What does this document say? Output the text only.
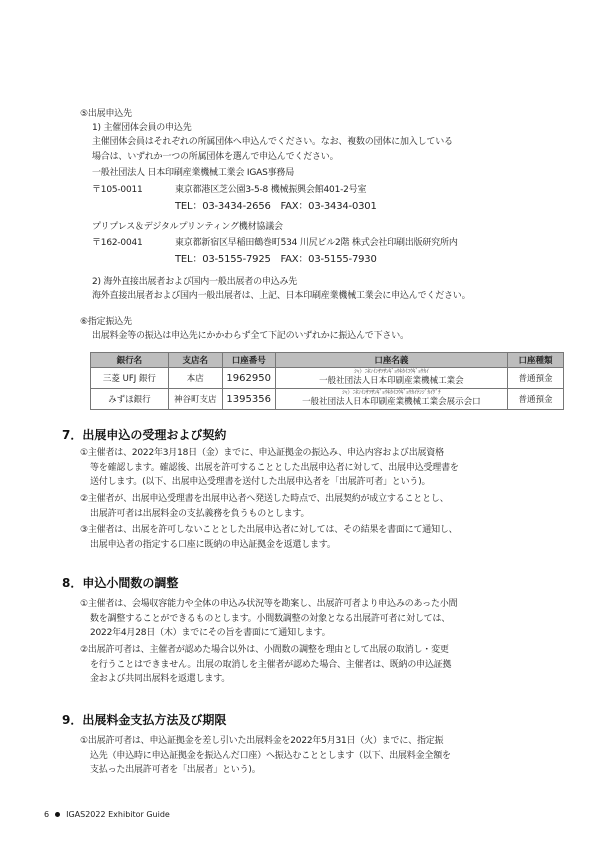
⑤出展申込先
1) 主催団体会員の申込先

主催団体会員はそれぞれの所属団体へ申込んでください。なお、複数の団体に加入している

場合は、いずれか一つの所属団体を選んで申込んでください。

一般社団法人 日本印刷産業機械工業会 IGAS事務局
〒105-0011	東京都港区芝公園3-5-8 機械振興会館401-2号室
TEL：03-3434-2656　FAX：03-3434-0301
プリプレス＆デジタルプリンティング機材協議会
〒162-0041	東京都新宿区早稲田鶴巻町534 川尻ビル2階 株式会社印刷出版研究所内
TEL：03-5155-7925　FAX：03-5155-7930
2) 海外直接出展者および国内一般出展者の申込み先
海外直接出展者および国内一般出展者は、上記、日本印刷産業機械工業会に申込んでください。
⑥指定振込先
出展料金等の振込は申込先にかかわらず全て下記のいずれかに振込んで下さい。
銀行名	支店名	口座番号	口座名義	口座種類
三菱 UFJ 銀行	本店	1962950	ｼｬ）ﾆﾎﾝｲﾝｻﾂｻﾝｷﾞｮｳｷｶｲｺｳｷﾞｮｳｶｲ
一般社団法人日本印刷産業機械工業会	普通預金
みずほ銀行	神谷町支店	1395356	ｼｬ）ﾆﾎﾝｲﾝｻﾂｻﾝｷﾞｮｳｷｶｲｺｳｷﾞｮｳｶｲﾃﾝｼﾞｶｲｸﾞﾁ
一般社団法人日本印刷産業機械工業会展示会口	普通預金
7．出展申込の受理および契約

①主催者は、2022年3月18日（金）までに、申込証拠金の振込み、申込内容および出展資格

等を確認します。確認後、出展を許可することとした出展申込者に対して、出展申込受理書を

送付します。(以下、出展申込受理書を送付した出展申込者を「出展許可者」という)。

②主催者が、出展申込受理書を出展申込者へ発送した時点で、出展契約が成立することとし、

出展許可者は出展料金の支払義務を負うものとします。

③主催者は、出展を許可しないこととした出展申込者に対しては、その結果を書面にて通知し、

出展申込者の指定する口座に既納の申込証拠金を返還します。

8．申込小間数の調整

①主催者は、会場収容能力や全体の申込み状況等を勘案し、出展許可者より申込みのあった小間

数を調整することができるものとします。小間数調整の対象となる出展許可者に対しては、

2022年4月28日（木）までにその旨を書面にて通知します。

②出展許可者は、主催者が認めた場合以外は、小間数の調整を理由として出展の取消し・変更

を行うことはできません。出展の取消しを主催者が認めた場合、主催者は、既納の申込証拠

金および共同出展料を返還します。

9．出展料金支払方法及び期限

①出展許可者は、申込証拠金を差し引いた出展料金を2022年5月31日（火）までに、指定振

込先（申込時に申込証拠金を振込んだ口座）へ振込むこととします（以下、出展料金全額を

支払った出展許可者を「出展者」という)。

6 IGAS2022 Exhibitor Guide
